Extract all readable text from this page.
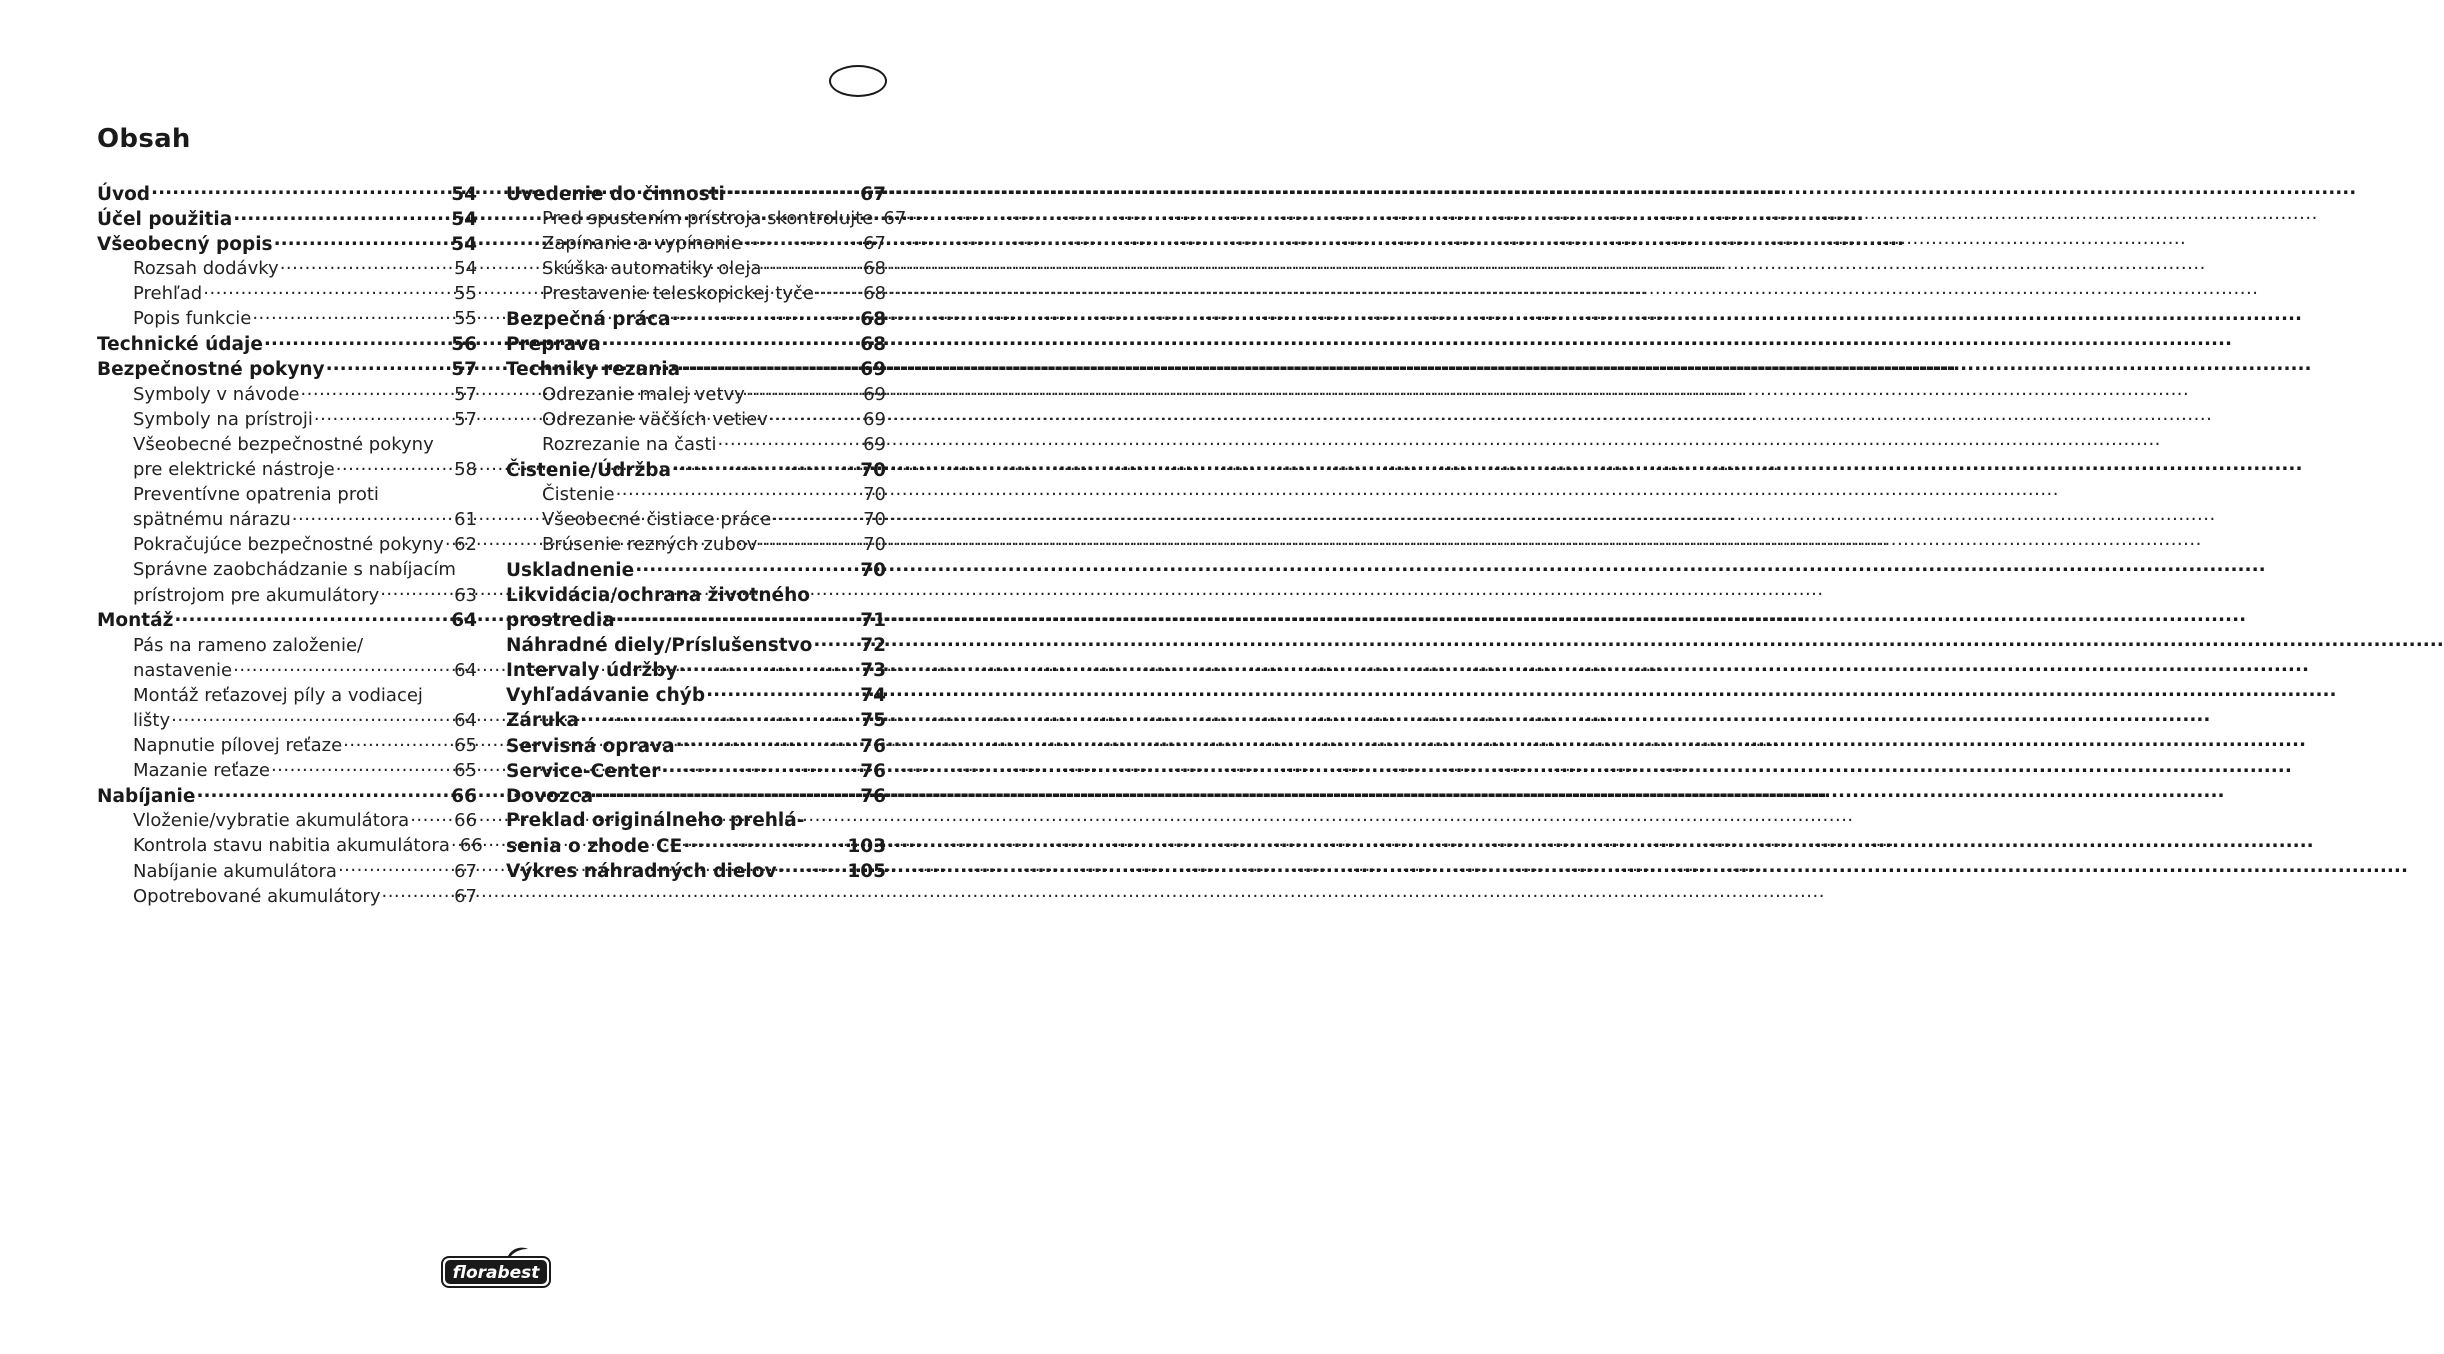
Obsah
Úvod .....	54
Účel použitia .....	54
Všeobecný popis .....	54
Rozsah dodávky .....	54
Prehľad .....	55
Popis funkcie .....	55
Technické údaje .....	56
Bezpečnostné pokyny .....	57
Symboly v návode .....	57
Symboly na prístroji .....	57
Všeobecné bezpečnostné pokyny
pre elektrické nástroje .....	58
Preventívne opatrenia proti
spätnému nárazu .....	61
Pokračujúce bezpečnostné pokyny ..... 62
Správne zaobchádzanie s nabíjacím
prístrojom pre akumulátory .....	63
Montáž .....	64
Pás na rameno založenie/
nastavenie .....	64
Montáž reťazovej píly a vodiacej
lišty .....	64
Napnutie pílovej reťaze .....	65
Mazanie reťaze .....	65
Nabíjanie .....	66
Vloženie/vybratie akumulátora ..... 66
Kontrola stavu nabitia akumulátora ..... 66
Nabíjanie akumulátora .....	67
Opotrebované akumulátory .....	67
Uvedenie do činnosti .....	67
Pred spustením prístroja skontrolujte ..... 67
Zapínanie a vypínanie .....	67
Skúška automatiky oleja .....	68
Prestavenie teleskopickej tyče .....	68
Bezpečná práca .....	68
Preprava .....	68
Techniky rezania .....	69
Odrezanie malej vetvy .....	69
Odrezanie väčších vetiev .....	69
Rozrezanie na časti .....	69
Čistenie/Údržba .....	70
Čistenie .....	70
Všeobecné čistiace práce .....	70
Brúsenie rezných zubov .....	70
Uskladnenie .....	70
Likvidácia/ochrana životného
prostredia .....	71
Náhradné diely/Príslušenstvo .....	72
Intervaly údržby .....	73
Vyhľadávanie chýb .....	74
Záruka .....	75
Servisná oprava .....	76
Service-Center .....	76
Dovozca .....	76
Preklad originálneho prehlá-
senia o zhode CE .....	103
Výkres náhradných dielov .....	105
florabest
